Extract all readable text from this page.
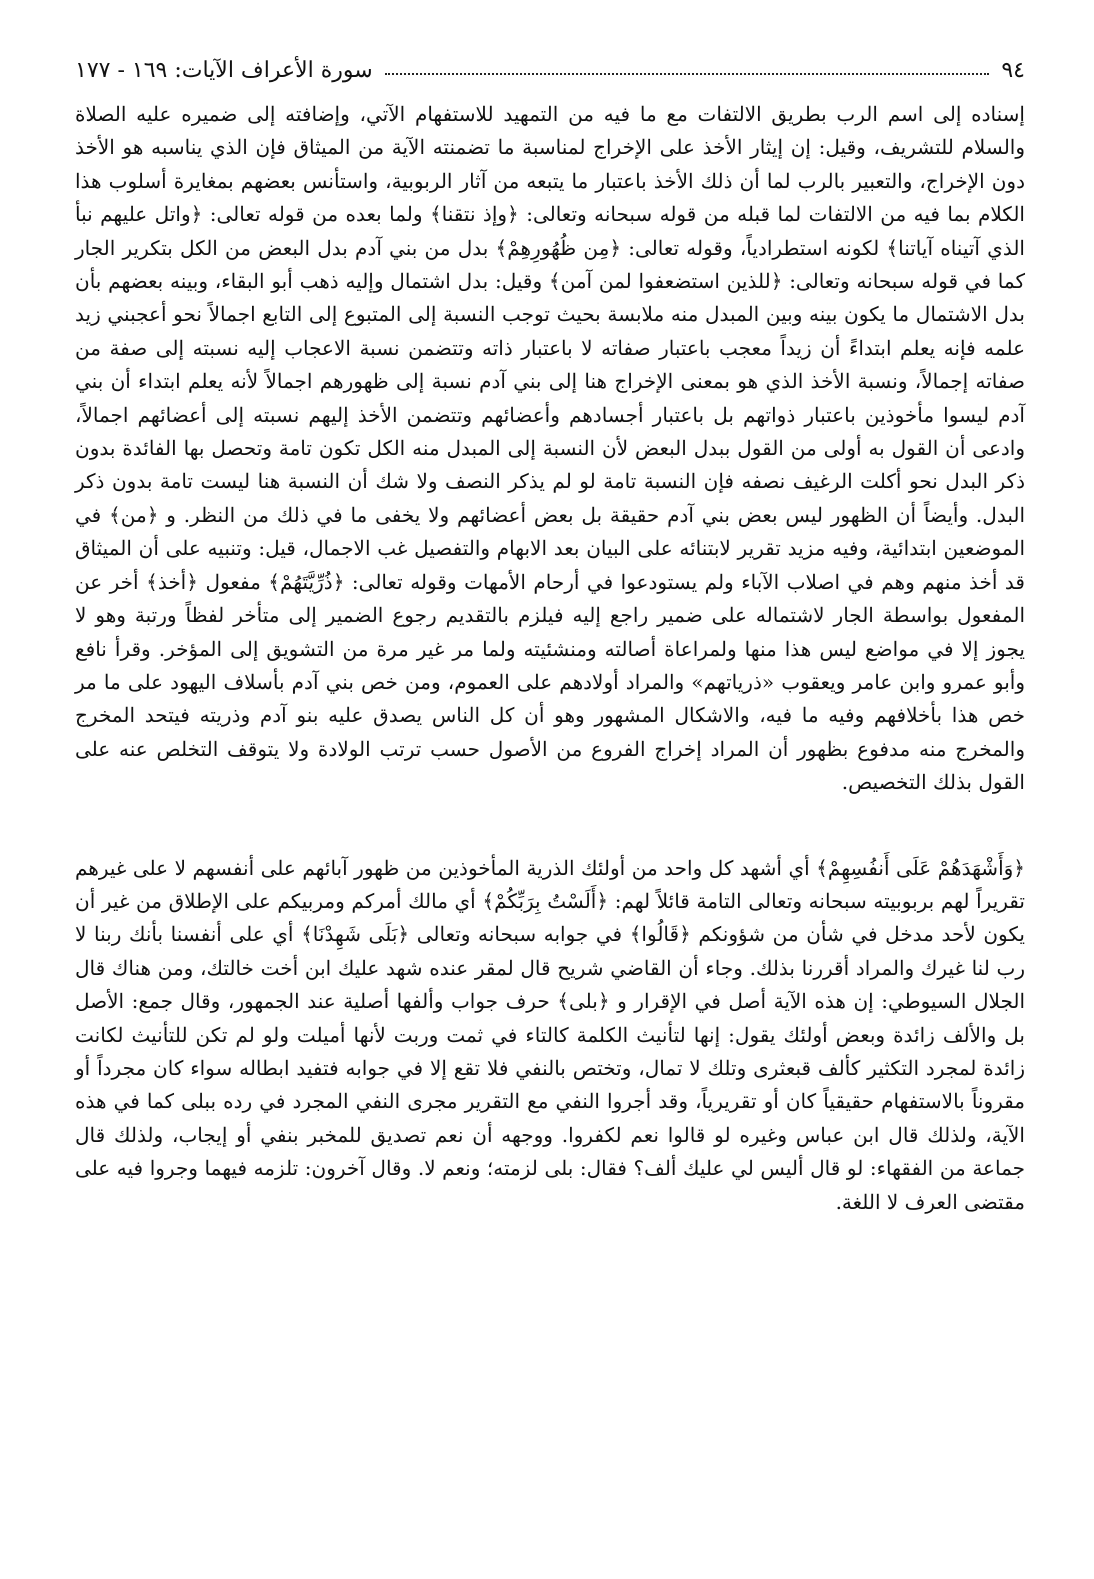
٩٤
سورة الأعراف الآيات: ١٦٩ - ١٧٧

إسناده إلى اسم الرب بطريق الالتفات مع ما فيه من التمهيد للاستفهام الآتي، وإضافته إلى ضميره عليه الصلاة والسلام للتشريف، وقيل: إن إيثار الأخذ على الإخراج لمناسبة ما تضمنته الآية من الميثاق فإن الذي يناسبه هو الأخذ دون الإخراج، والتعبير بالرب لما أن ذلك الأخذ باعتبار ما يتبعه من آثار الربوبية، واستأنس بعضهم بمغايرة أسلوب هذا الكلام بما فيه من الالتفات لما قبله من قوله سبحانه وتعالى: ﴿وإذ نتقنا﴾ ولما بعده من قوله تعالى: ﴿واتل عليهم نبأ الذي آتيناه آياتنا﴾ لكونه استطرادياً، وقوله تعالى: ﴿مِن ظُهُورِهِمْ﴾ بدل من بني آدم بدل البعض من الكل بتكرير الجار كما في قوله سبحانه وتعالى: ﴿للذين استضعفوا لمن آمن﴾ وقيل: بدل اشتمال وإليه ذهب أبو البقاء، وبينه بعضهم بأن بدل الاشتمال ما يكون بينه وبين المبدل منه ملابسة بحيث توجب النسبة إلى المتبوع إلى التابع اجمالاً نحو أعجبني زيد علمه فإنه يعلم ابتداءً أن زيداً معجب باعتبار صفاته لا باعتبار ذاته وتتضمن نسبة الاعجاب إليه نسبته إلى صفة من صفاته إجمالاً، ونسبة الأخذ الذي هو بمعنى الإخراج هنا إلى بني آدم نسبة إلى ظهورهم اجمالاً لأنه يعلم ابتداء أن بني آدم ليسوا مأخوذين باعتبار ذواتهم بل باعتبار أجسادهم وأعضائهم وتتضمن الأخذ إليهم نسبته إلى أعضائهم اجمالاً، وادعى أن القول به أولى من القول ببدل البعض لأن النسبة إلى المبدل منه الكل تكون تامة وتحصل بها الفائدة بدون ذكر البدل نحو أكلت الرغيف نصفه فإن النسبة تامة لو لم يذكر النصف ولا شك أن النسبة هنا ليست تامة بدون ذكر البدل. وأيضاً أن الظهور ليس بعض بني آدم حقيقة بل بعض أعضائهم ولا يخفى ما في ذلك من النظر. و ﴿من﴾ في الموضعين ابتدائية، وفيه مزيد تقرير لابتنائه على البيان بعد الابهام والتفصيل غب الاجمال، قيل: وتنبيه على أن الميثاق قد أخذ منهم وهم في اصلاب الآباء ولم يستودعوا في أرحام الأمهات وقوله تعالى: ﴿ذُرِّيَّتَهُمْ﴾ مفعول ﴿أخذ﴾ أخر عن المفعول بواسطة الجار لاشتماله على ضمير راجع إليه فيلزم بالتقديم رجوع الضمير إلى متأخر لفظاً ورتبة وهو لا يجوز إلا في مواضع ليس هذا منها ولمراعاة أصالته ومنشئيته ولما مر غير مرة من التشويق إلى المؤخر. وقرأ نافع وأبو عمرو وابن عامر ويعقوب «ذرياتهم» والمراد أولادهم على العموم، ومن خص بني آدم بأسلاف اليهود على ما مر خص هذا بأخلافهم وفيه ما فيه، والاشكال المشهور وهو أن كل الناس يصدق عليه بنو آدم وذريته فيتحد المخرج والمخرج منه مدفوع بظهور أن المراد إخراج الفروع من الأصول حسب ترتب الولادة ولا يتوقف التخلص عنه على القول بذلك التخصيص.

﴿وَأَشْهَدَهُمْ عَلَى أَنفُسِهِمْ﴾ أي أشهد كل واحد من أولئك الذرية المأخوذين من ظهور آبائهم على أنفسهم لا على غيرهم تقريراً لهم بربوبيته سبحانه وتعالى التامة قائلاً لهم: ﴿أَلَسْتُ بِرَبِّكُمْ﴾ أي مالك أمركم ومربيكم على الإطلاق من غير أن يكون لأحد مدخل في شأن من شؤونكم ﴿قَالُوا﴾ في جوابه سبحانه وتعالى ﴿بَلَى شَهِدْنَا﴾ أي على أنفسنا بأنك ربنا لا رب لنا غيرك والمراد أقررنا بذلك. وجاء أن القاضي شريح قال لمقر عنده شهد عليك ابن أخت خالتك، ومن هناك قال الجلال السيوطي: إن هذه الآية أصل في الإقرار و ﴿بلى﴾ حرف جواب وألفها أصلية عند الجمهور، وقال جمع: الأصل بل والألف زائدة وبعض أولئك يقول: إنها لتأنيث الكلمة كالتاء في ثمت وربت لأنها أميلت ولو لم تكن للتأنيث لكانت زائدة لمجرد التكثير كألف قبعثرى وتلك لا تمال، وتختص بالنفي فلا تقع إلا في جوابه فتفيد ابطاله سواء كان مجرداً أو مقروناً بالاستفهام حقيقياً كان أو تقريرياً، وقد أجروا النفي مع التقرير مجرى النفي المجرد في رده ببلى كما في هذه الآية، ولذلك قال ابن عباس وغيره لو قالوا نعم لكفروا. ووجهه أن نعم تصديق للمخبر بنفي أو إيجاب، ولذلك قال جماعة من الفقهاء: لو قال أليس لي عليك ألف؟ فقال: بلى لزمته؛ ونعم لا. وقال آخرون: تلزمه فيهما وجروا فيه على مقتضى العرف لا اللغة.
